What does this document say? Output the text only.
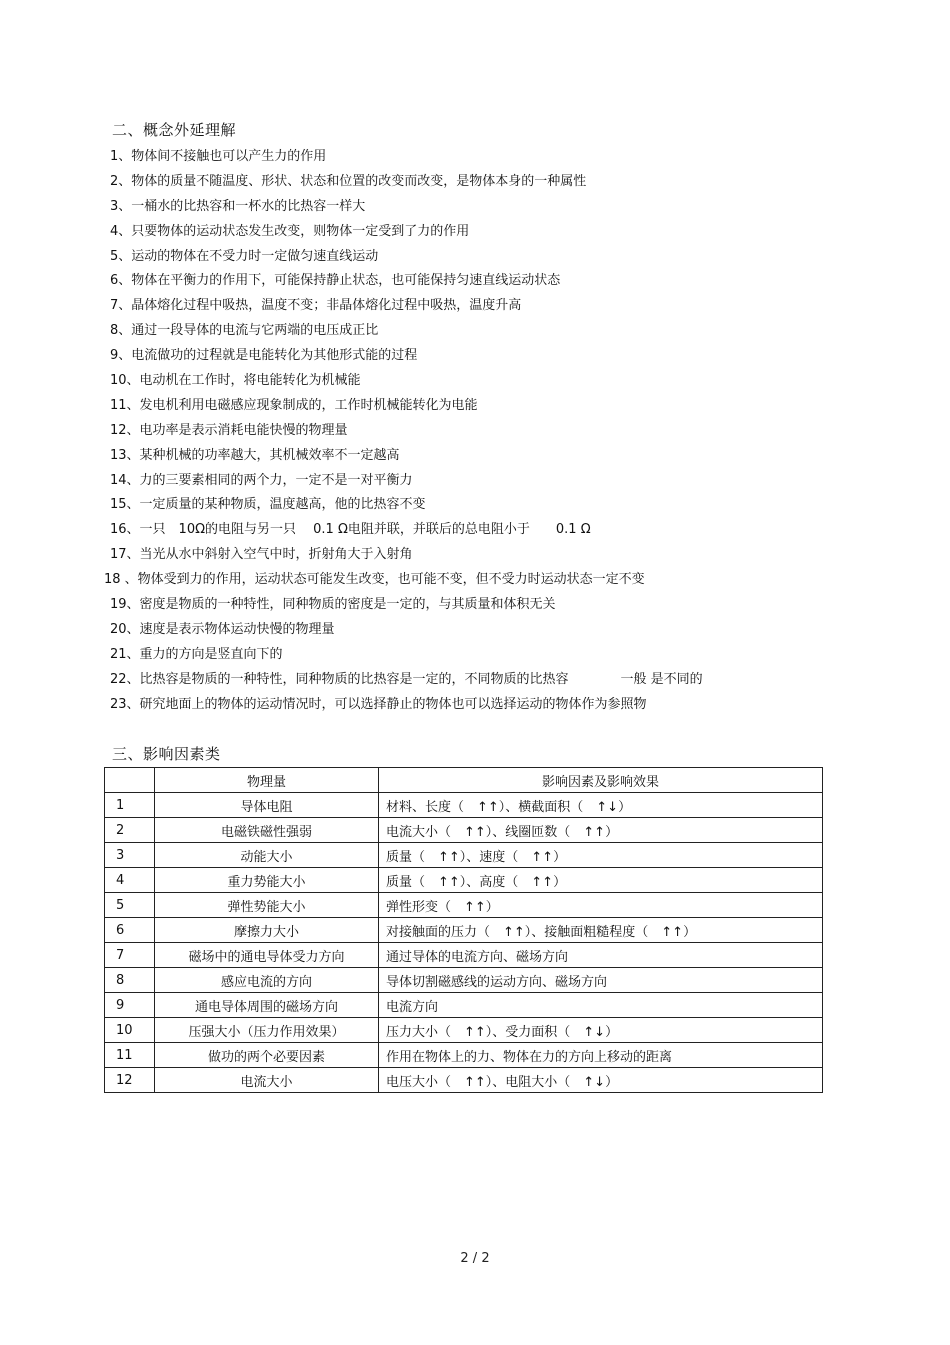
二、概念外延理解
1、物体间不接触也可以产生力的作用
2、物体的质量不随温度、形状、状态和位置的改变而改变，是物体本身的一种属性
3、一桶水的比热容和一杯水的比热容一样大
4、只要物体的运动状态发生改变，则物体一定受到了力的作用
5、运动的物体在不受力时一定做匀速直线运动
6、物体在平衡力的作用下，可能保持静止状态，也可能保持匀速直线运动状态
7、晶体熔化过程中吸热，温度不变；非晶体熔化过程中吸热，温度升高
8、通过一段导体的电流与它两端的电压成正比
9、电流做功的过程就是电能转化为其他形式能的过程
10、电动机在工作时，将电能转化为机械能
11、发电机利用电磁感应现象制成的，工作时机械能转化为电能
12、电功率是表示消耗电能快慢的物理量
13、某种机械的功率越大，其机械效率不一定越高
14、力的三要素相同的两个力，一定不是一对平衡力
15、一定质量的某种物质，温度越高，他的比热容不变
16、一只　10Ω的电阻与另一只　 0.1 Ω电阻并联，并联后的总电阻小于　　0.1 Ω
17、当光从水中斜射入空气中时，折射角大于入射角
18 、物体受到力的作用，运动状态可能发生改变，也可能不变，但不受力时运动状态一定不变
19、密度是物质的一种特性，同种物质的密度是一定的，与其质量和体积无关
20、速度是表示物体运动快慢的物理量
21、重力的方向是竖直向下的
22、比热容是物质的一种特性，同种物质的比热容是一定的，不同物质的比热容　　　　一般 是不同的
23、研究地面上的物体的运动情况时，可以选择静止的物体也可以选择运动的物体作为参照物
三、影响因素类
	物理量	影响因素及影响效果
1	导体电阻	材料、长度（　↑↑）、横截面积（　↑↓）
2	电磁铁磁性强弱	电流大小（　↑↑）、线圈匝数（　↑↑）
3	动能大小	质量（　↑↑）、速度（　↑↑）
4	重力势能大小	质量（　↑↑）、高度（　↑↑）
5	弹性势能大小	弹性形变（　↑↑）
6	摩擦力大小	对接触面的压力（　↑↑）、接触面粗糙程度（　↑↑）
7	磁场中的通电导体受力方向	通过导体的电流方向、磁场方向
8	感应电流的方向	导体切割磁感线的运动方向、磁场方向
9	通电导体周围的磁场方向	电流方向
10	压强大小（压力作用效果）	压力大小（　↑↑）、受力面积（　↑↓）
11	做功的两个必要因素	作用在物体上的力、物体在力的方向上移动的距离
12	电流大小	电压大小（　↑↑）、电阻大小（　↑↓）
2 / 2
